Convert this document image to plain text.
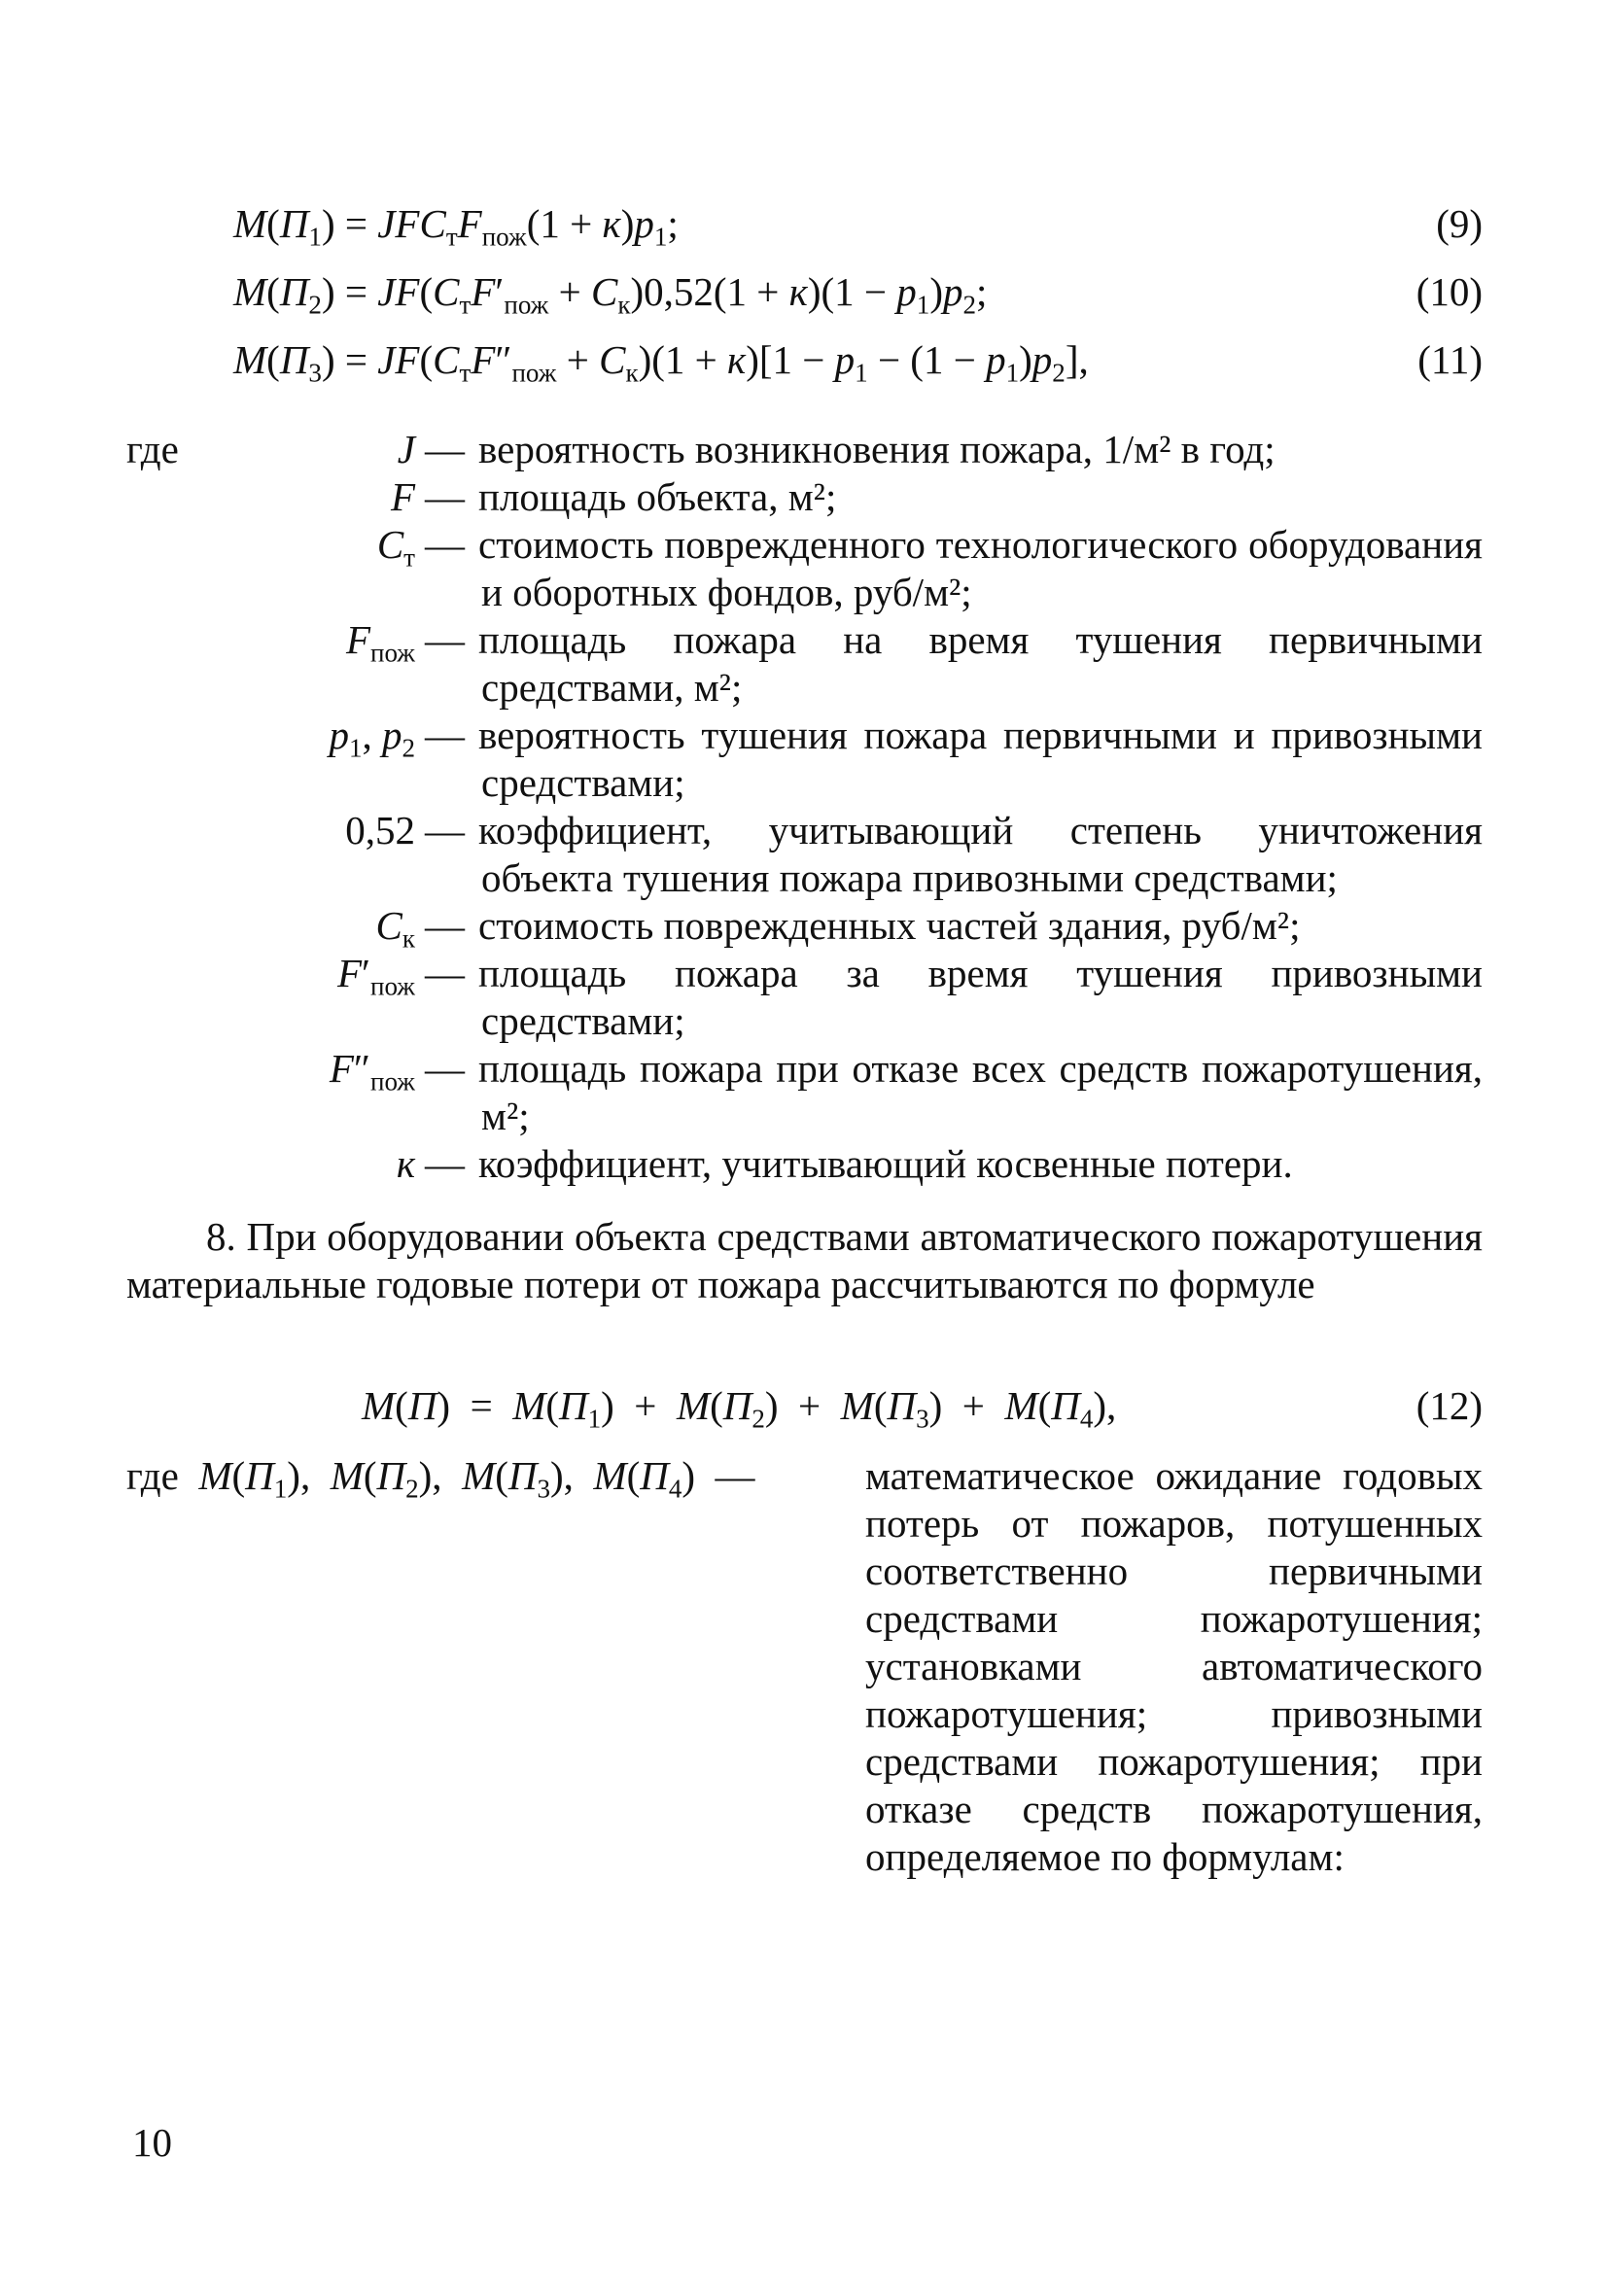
$M(П_1) = JFC_тF_{пож}(1 + к)p_1$;	(9)
$M(П_2) = JF(C_тF'_{пож} + C_к)0,52(1 + к)(1 - p_1)p_2$;	(10)
$M(П_3) = JF(C_тF''_{пож} + C_к)(1 + к)[1 - p_1 - (1 - p_1)p_2]$,	(11)
где	J — вероятность возникновения пожара, 1/м² в год;
F — площадь объекта, м²;
$C_т$ — стоимость поврежденного технологического оборудования и оборотных фондов, руб/м²;
$F_{пож}$ — площадь пожара на время тушения первичными средствами, м²;
$p_1$, $p_2$ — вероятность тушения пожара первичными и привозными средствами;
0,52 — коэффициент, учитывающий степень уничтожения объекта тушения пожара привозными средствами;
$C_к$ — стоимость поврежденных частей здания, руб/м²;
$F'_{пож}$ — площадь пожара за время тушения привозными средствами;
$F''_{пож}$ — площадь пожара при отказе всех средств пожаротушения, м²;
к — коэффициент, учитывающий косвенные потери.
8. При оборудовании объекта средствами автоматического пожаротушения материальные годовые потери от пожара рассчитываются по формуле
$M(П) = M(П_1) + M(П_2) + M(П_3) + M(П_4)$,	(12)
где $M(П_1)$,  $M(П_2)$,  $M(П_3)$,  $M(П_4)$  —	математическое ожидание годовых потерь от пожаров, потушенных соответственно первичными средствами пожаротушения; установками автоматического пожаротушения; привозными средствами пожаротушения; при отказе средств пожаротушения, определяемое по формулам:
10
